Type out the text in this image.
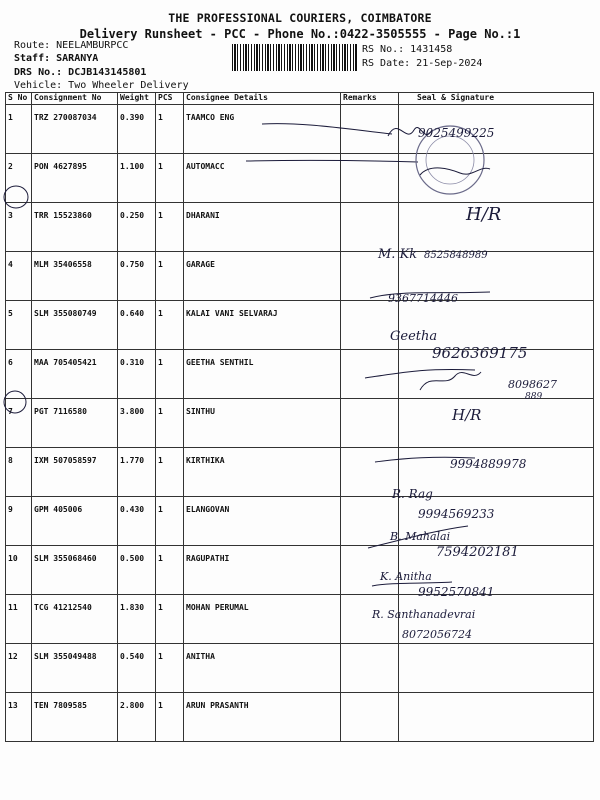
THE PROFESSIONAL COURIERS, COIMBATORE
Delivery Runsheet - PCC - Phone No.:0422-3505555 - Page No.:1
Route: NEELAMBURPCC
Staff: SARANYA
DRS No.: DCJB143145801
Vehicle: Two Wheeler Delivery
RS No.: 1431458
RS Date: 21-Sep-2024
S No	Consignment No	Weight	PCS	Consignee Details	Remarks	Seal & Signature
1	TRZ 270087034	0.390	1	TAAMCO ENG		
2	PON 4627895	1.100	1	AUTOMACC		
3	TRR 15523860	0.250	1	DHARANI		
4	MLM 35406558	0.750	1	GARAGE		
5	SLM 355080749	0.640	1	KALAI VANI SELVARAJ		
6	MAA 705405421	0.310	1	GEETHA SENTHIL		
7	PGT 7116580	3.800	1	SINTHU		
8	IXM 507058597	1.770	1	KIRTHIKA		
9	GPM 405006	0.430	1	ELANGOVAN		
10	SLM 355068460	0.500	1	RAGUPATHI		
11	TCG 41212540	1.830	1	MOHAN PERUMAL		
12	SLM 355049488	0.540	1	ANITHA		
13	TEN 7809585	2.800	1	ARUN PRASANTH		
9025499225
H/R
M. Kk 8525848989
9367714446
Geetha
9626369175
8098627
889
H/R
9994889978
R. Rag
9994569233
B. Mahalai
7594202181
K. Anitha
9952570841
R. Santhanadevrai
8072056724
